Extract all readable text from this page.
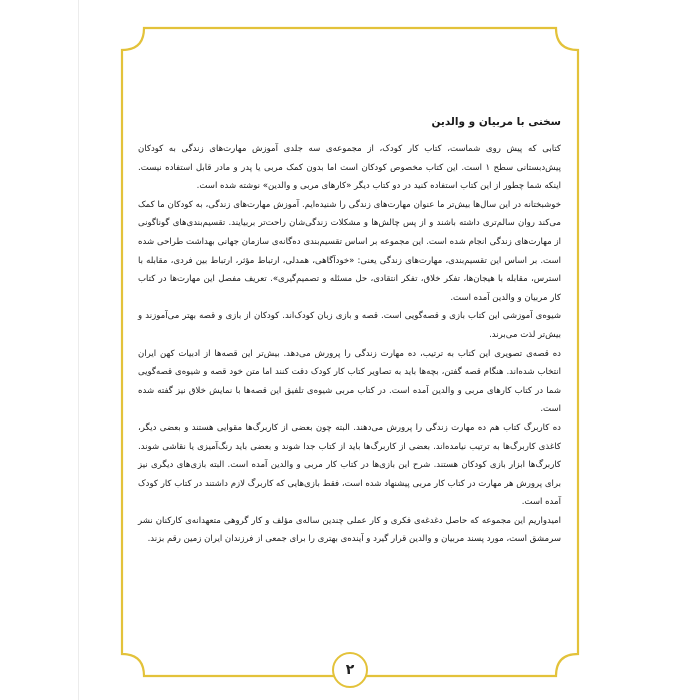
سخنی با مربیان و والدین

کتابی که پیش روی شماست، کتاب کار کودک، از مجموعه‌ی سه جلدی آموزش مهارت‌های زندگی به کودکان پیش‌دبستانی سطح ۱ است. این کتاب مخصوص کودکان است اما بدون کمک مربی یا پدر و مادر قابل استفاده نیست. اینکه شما چطور از این کتاب استفاده کنید در دو کتاب دیگر «کارهای مربی و والدین» نوشته شده است.

خوشبختانه در این سال‌ها بیش‌تر ما عنوان مهارت‌های زندگی را شنیده‌ایم. آموزش مهارت‌های زندگی، به کودکان ما کمک می‌کند روان سالم‌تری داشته باشند و از پس چالش‌ها و مشکلات زندگی‌شان راحت‌تر بربیایند. تقسیم‌بندی‌های گوناگونی از مهارت‌های زندگی انجام شده است. این مجموعه بر اساس تقسیم‌بندی ده‌گانه‌ی سازمان جهانی بهداشت طراحی شده است. بر اساس این تقسیم‌بندی، مهارت‌های زندگی یعنی: «خودآگاهی، همدلی، ارتباط مؤثر، ارتباط بین فردی، مقابله با استرس، مقابله با هیجان‌ها، تفکر خلاق، تفکر انتقادی، حل مسئله و تصمیم‌گیری». تعریف مفصل این مهارت‌ها در کتاب کار مربیان و والدین آمده است.

شیوه‌ی آموزشی این کتاب بازی و قصه‌گویی است. قصه و بازی زبان کودک‌اند. کودکان از بازی و قصه بهتر می‌آموزند و بیش‌تر لذت می‌برند.

ده قصه‌ی تصویری این کتاب به ترتیب، ده مهارت زندگی را پرورش می‌دهد. بیش‌تر این قصه‌ها از ادبیات کهن ایران انتخاب شده‌اند. هنگام قصه گفتن، بچه‌ها باید به تصاویر کتاب کار کودک دقت کنند اما متن خود قصه و شیوه‌ی قصه‌گویی شما در کتاب کارهای مربی و والدین آمده است. در کتاب مربی شیوه‌ی تلفیق این قصه‌ها با نمایش خلاق نیز گفته شده است.

ده کاربرگ کتاب هم ده مهارت زندگی را پرورش می‌دهند. البته چون بعضی از کاربرگ‌ها مقوایی هستند و بعضی دیگر، کاغذی کاربرگ‌ها به ترتیب نیامده‌اند. بعضی از کاربرگ‌ها باید از کتاب جدا شوند و بعضی باید رنگ‌آمیزی یا نقاشی شوند. کاربرگ‌ها ابزار بازی کودکان هستند. شرح این بازی‌ها در کتاب کار مربی و والدین آمده است. البته بازی‌های دیگری نیز برای پرورش هر مهارت در کتاب کار مربی پیشنهاد شده است، فقط بازی‌هایی که کاربرگ لازم داشتند در کتاب کار کودک آمده است.

امیدواریم این مجموعه که حاصل دغدغه‌ی فکری و کار عملی چندین ساله‌ی مؤلف و کار گروهی متعهدانه‌ی کارکنان نشر سرمشق است، مورد پسند مربیان و والدین قرار گیرد و آینده‌ی بهتری را برای جمعی از فرزندان ایران زمین رقم بزند.

۲
